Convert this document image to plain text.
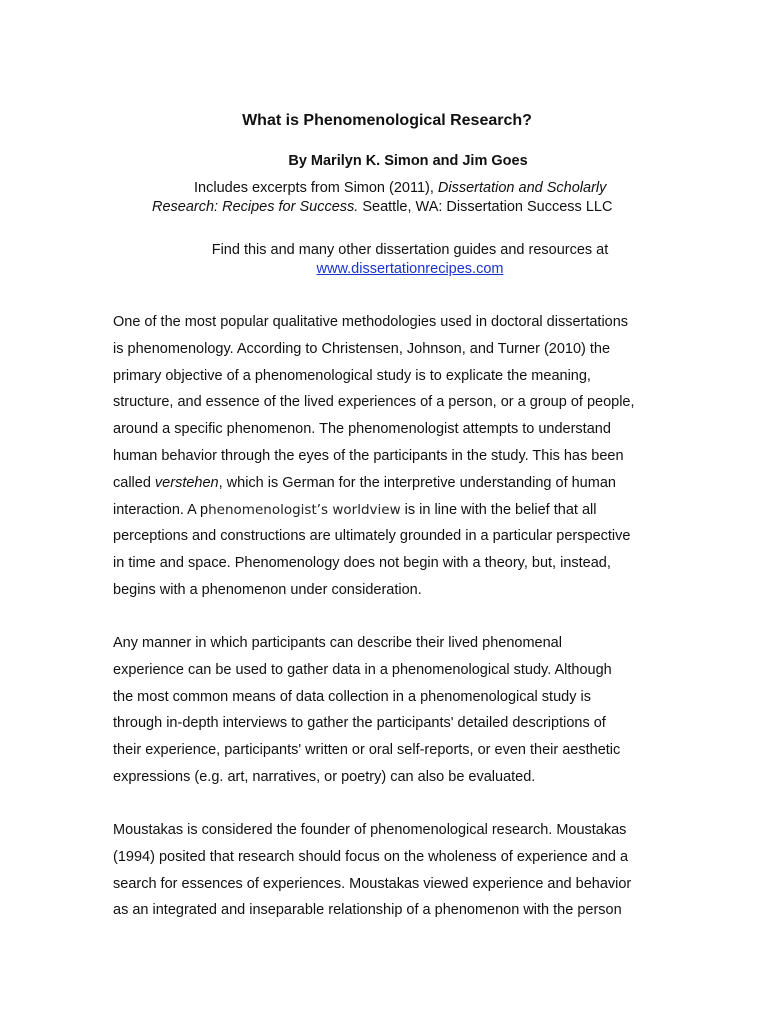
What is Phenomenological Research?
By Marilyn K. Simon and Jim Goes
Includes excerpts from Simon (2011), Dissertation and Scholarly
Research: Recipes for Success. Seattle, WA: Dissertation Success LLC
Find this and many other dissertation guides and resources at
www.dissertationrecipes.com
One of the most popular qualitative methodologies used in doctoral dissertations
is phenomenology. According to Christensen, Johnson, and Turner (2010) the
primary objective of a phenomenological study is to explicate the meaning,
structure, and essence of the lived experiences of a person, or a group of people,
around a specific phenomenon. The phenomenologist attempts to understand
human behavior through the eyes of the participants in the study. This has been
called verstehen, which is German for the interpretive understanding of human
interaction. A phenomenologist’s worldview is in line with the belief that all
perceptions and constructions are ultimately grounded in a particular perspective
in time and space. Phenomenology does not begin with a theory, but, instead,
begins with a phenomenon under consideration.
Any manner in which participants can describe their lived phenomenal
experience can be used to gather data in a phenomenological study. Although
the most common means of data collection in a phenomenological study is
through in-depth interviews to gather the participants' detailed descriptions of
their experience, participants' written or oral self-reports, or even their aesthetic
expressions (e.g. art, narratives, or poetry) can also be evaluated.
Moustakas is considered the founder of phenomenological research. Moustakas
(1994) posited that research should focus on the wholeness of experience and a
search for essences of experiences. Moustakas viewed experience and behavior
as an integrated and inseparable relationship of a phenomenon with the person
